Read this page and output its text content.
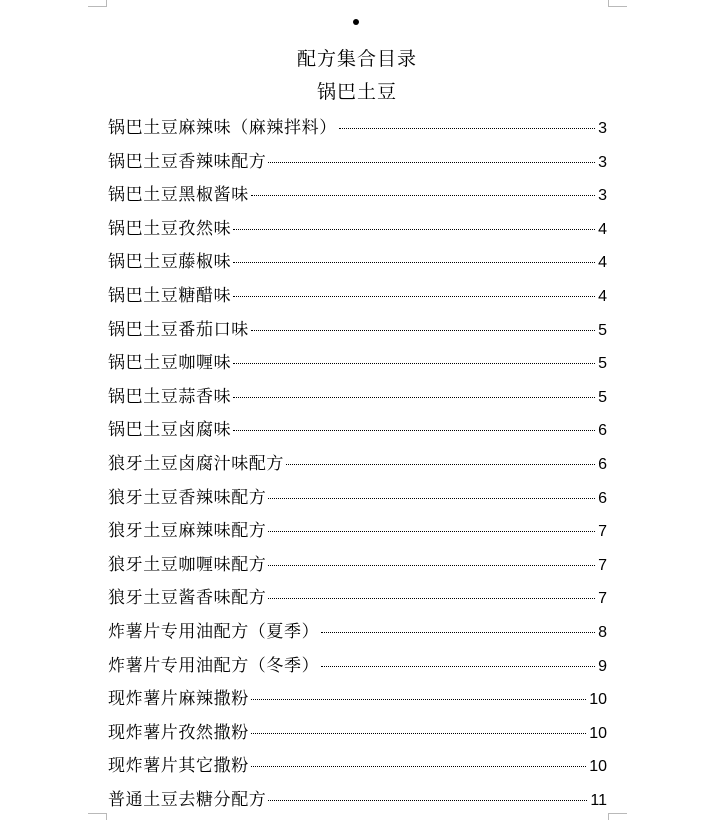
配方集合目录
锅巴土豆
锅巴土豆麻辣味（麻辣拌料）	3
锅巴土豆香辣味配方	3
锅巴土豆黑椒酱味	3
锅巴土豆孜然味	4
锅巴土豆藤椒味	4
锅巴土豆糖醋味	4
锅巴土豆番茄口味	5
锅巴土豆咖喱味	5
锅巴土豆蒜香味	5
锅巴土豆卤腐味	6
狼牙土豆卤腐汁味配方	6
狼牙土豆香辣味配方	6
狼牙土豆麻辣味配方	7
狼牙土豆咖喱味配方	7
狼牙土豆酱香味配方	7
炸薯片专用油配方（夏季）	8
炸薯片专用油配方（冬季）	9
现炸薯片麻辣撒粉	10
现炸薯片孜然撒粉	10
现炸薯片其它撒粉	10
普通土豆去糖分配方	11
